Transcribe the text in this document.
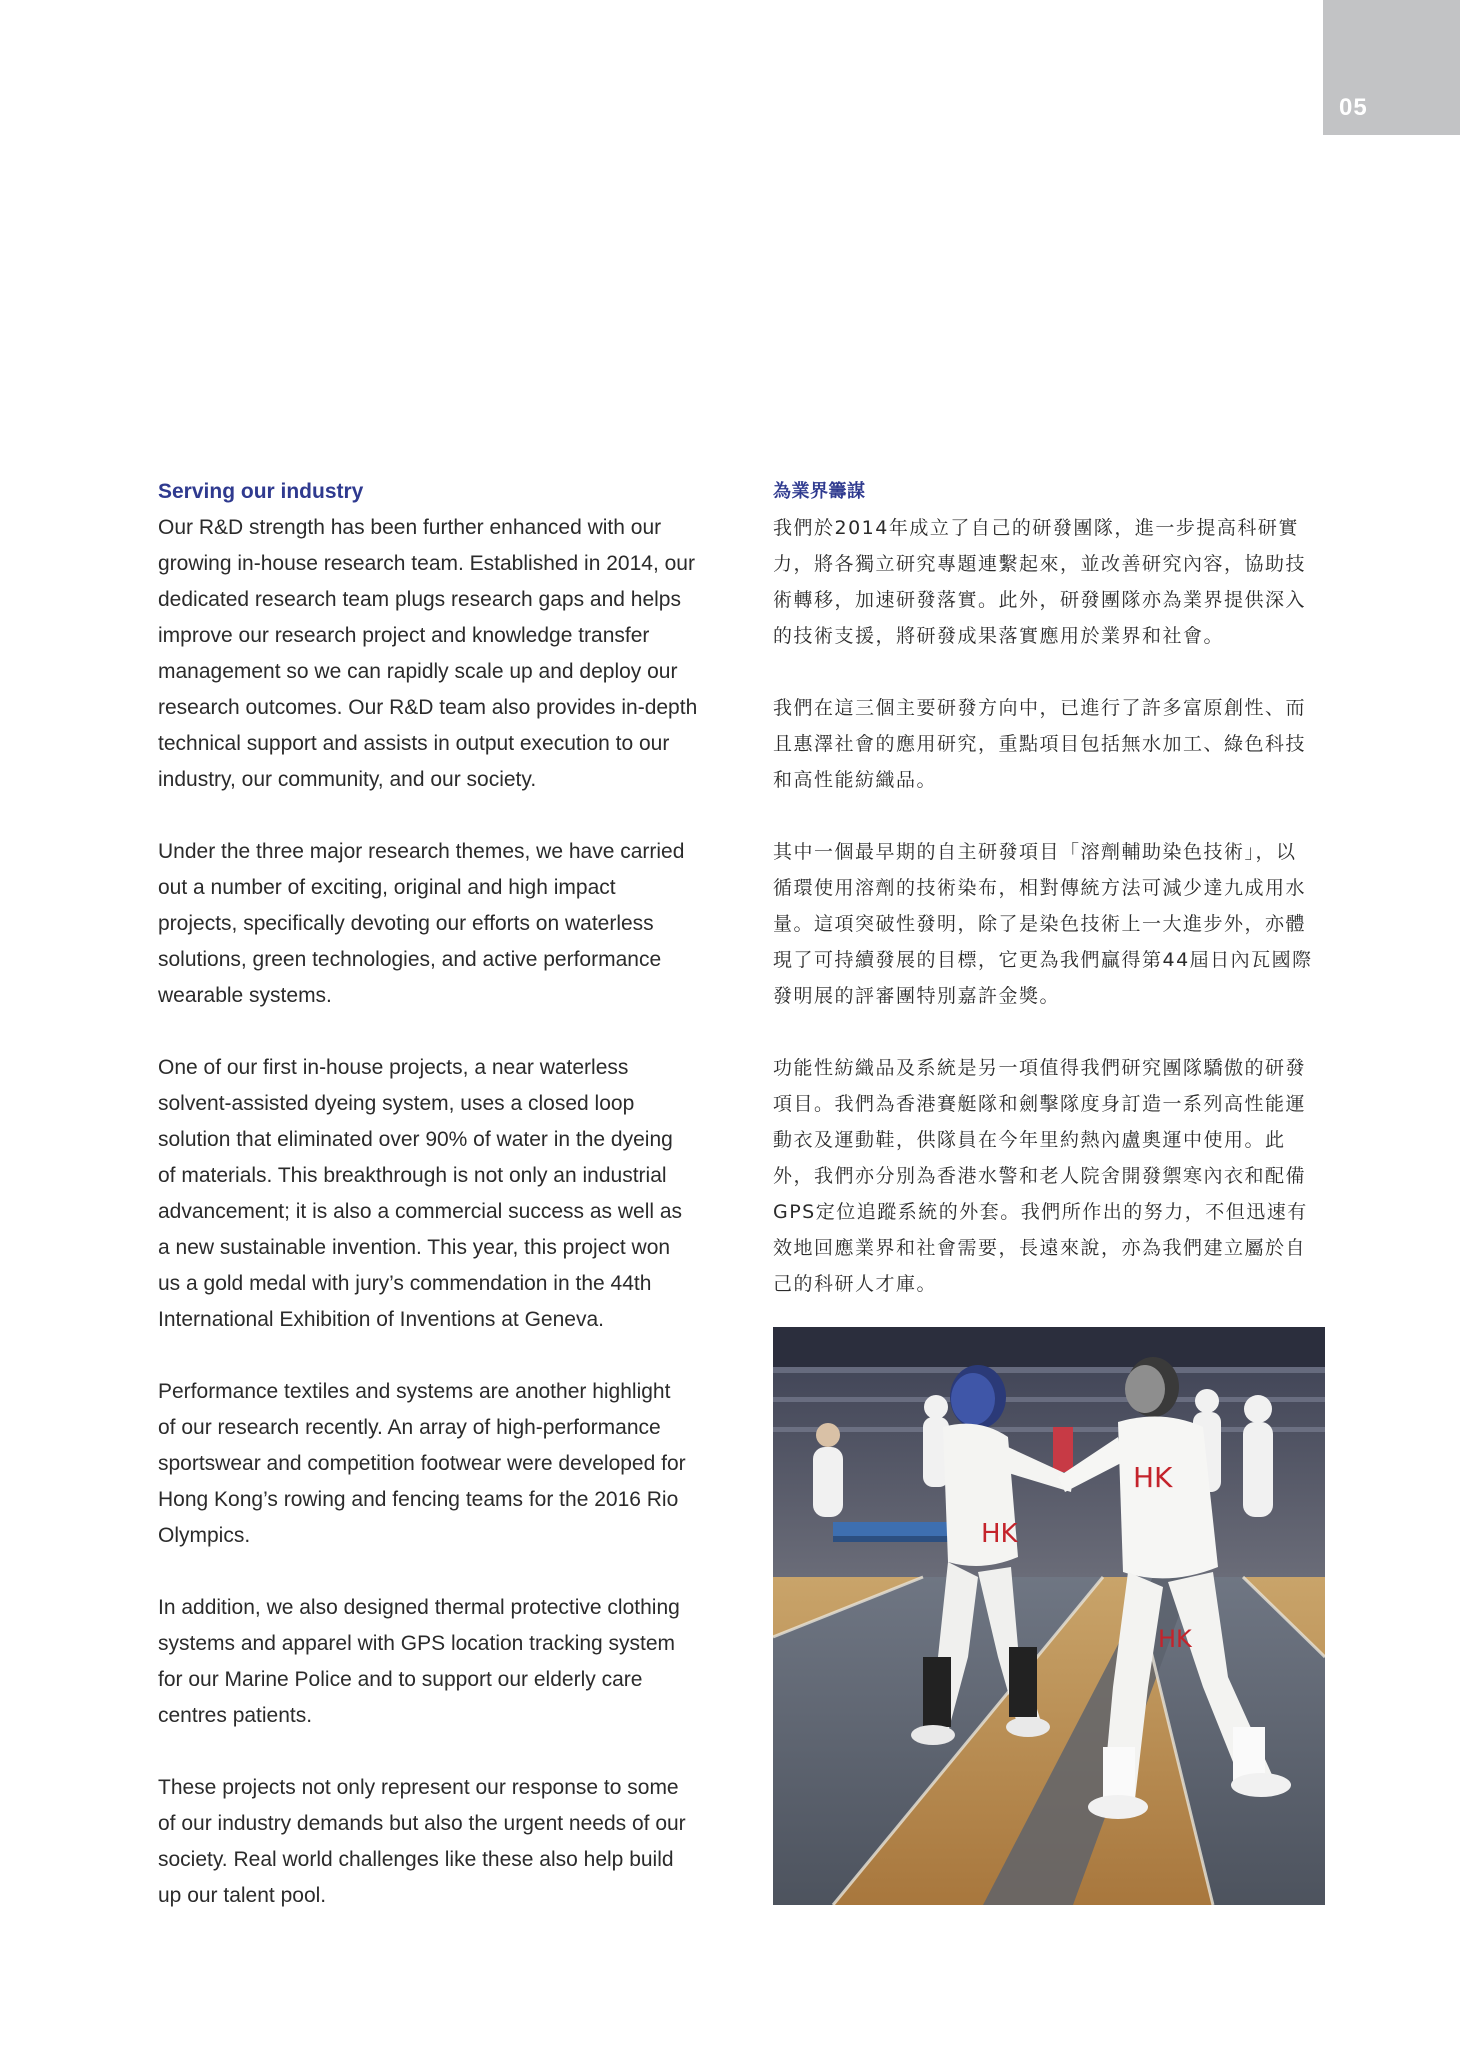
05

Serving our industry

Our R&D strength has been further enhanced with our
growing in-house research team. Established in 2014, our
dedicated research team plugs research gaps and helps
improve our research project and knowledge transfer
management so we can rapidly scale up and deploy our
research outcomes. Our R&D team also provides in-depth
technical support and assists in output execution to our
industry, our community, and our society.

Under the three major research themes, we have carried
out a number of exciting, original and high impact
projects, specifically devoting our efforts on waterless
solutions, green technologies, and active performance
wearable systems.

One of our first in-house projects, a near waterless
solvent-assisted dyeing system, uses a closed loop
solution that eliminated over 90% of water in the dyeing
of materials. This breakthrough is not only an industrial
advancement; it is also a commercial success as well as
a new sustainable invention. This year, this project won
us a gold medal with jury’s commendation in the 44th
International Exhibition of Inventions at Geneva.

Performance textiles and systems are another highlight
of our research recently. An array of high-performance
sportswear and competition footwear were developed for
Hong Kong’s rowing and fencing teams for the 2016 Rio
Olympics.

In addition, we also designed thermal protective clothing
systems and apparel with GPS location tracking system
for our Marine Police and to support our elderly care
centres patients.

These projects not only represent our response to some
of our industry demands but also the urgent needs of our
society. Real world challenges like these also help build
up our talent pool.

為業界籌謀

我們於2014年成立了自己的研發團隊，進一步提高科研實
力，將各獨立研究專題連繫起來，並改善研究內容，協助技
術轉移，加速研發落實。此外，研發團隊亦為業界提供深入
的技術支援，將研發成果落實應用於業界和社會。

我們在這三個主要研發方向中，已進行了許多富原創性、而
且惠澤社會的應用研究，重點項目包括無水加工、綠色科技
和高性能紡織品。

其中一個最早期的自主研發項目「溶劑輔助染色技術」，以
循環使用溶劑的技術染布，相對傳統方法可減少達九成用水
量。這項突破性發明，除了是染色技術上一大進步外，亦體
現了可持續發展的目標，它更為我們贏得第44屆日內瓦國際
發明展的評審團特別嘉許金獎。

功能性紡織品及系統是另一項值得我們研究團隊驕傲的研發
項目。我們為香港賽艇隊和劍擊隊度身訂造一系列高性能運
動衣及運動鞋，供隊員在今年里約熱內盧奧運中使用。此
外，我們亦分別為香港水警和老人院舍開發禦寒內衣和配備
GPS定位追蹤系統的外套。我們所作出的努力，不但迅速有
效地回應業界和社會需要，長遠來說，亦為我們建立屬於自
己的科研人才庫。

HK
HK
HK
